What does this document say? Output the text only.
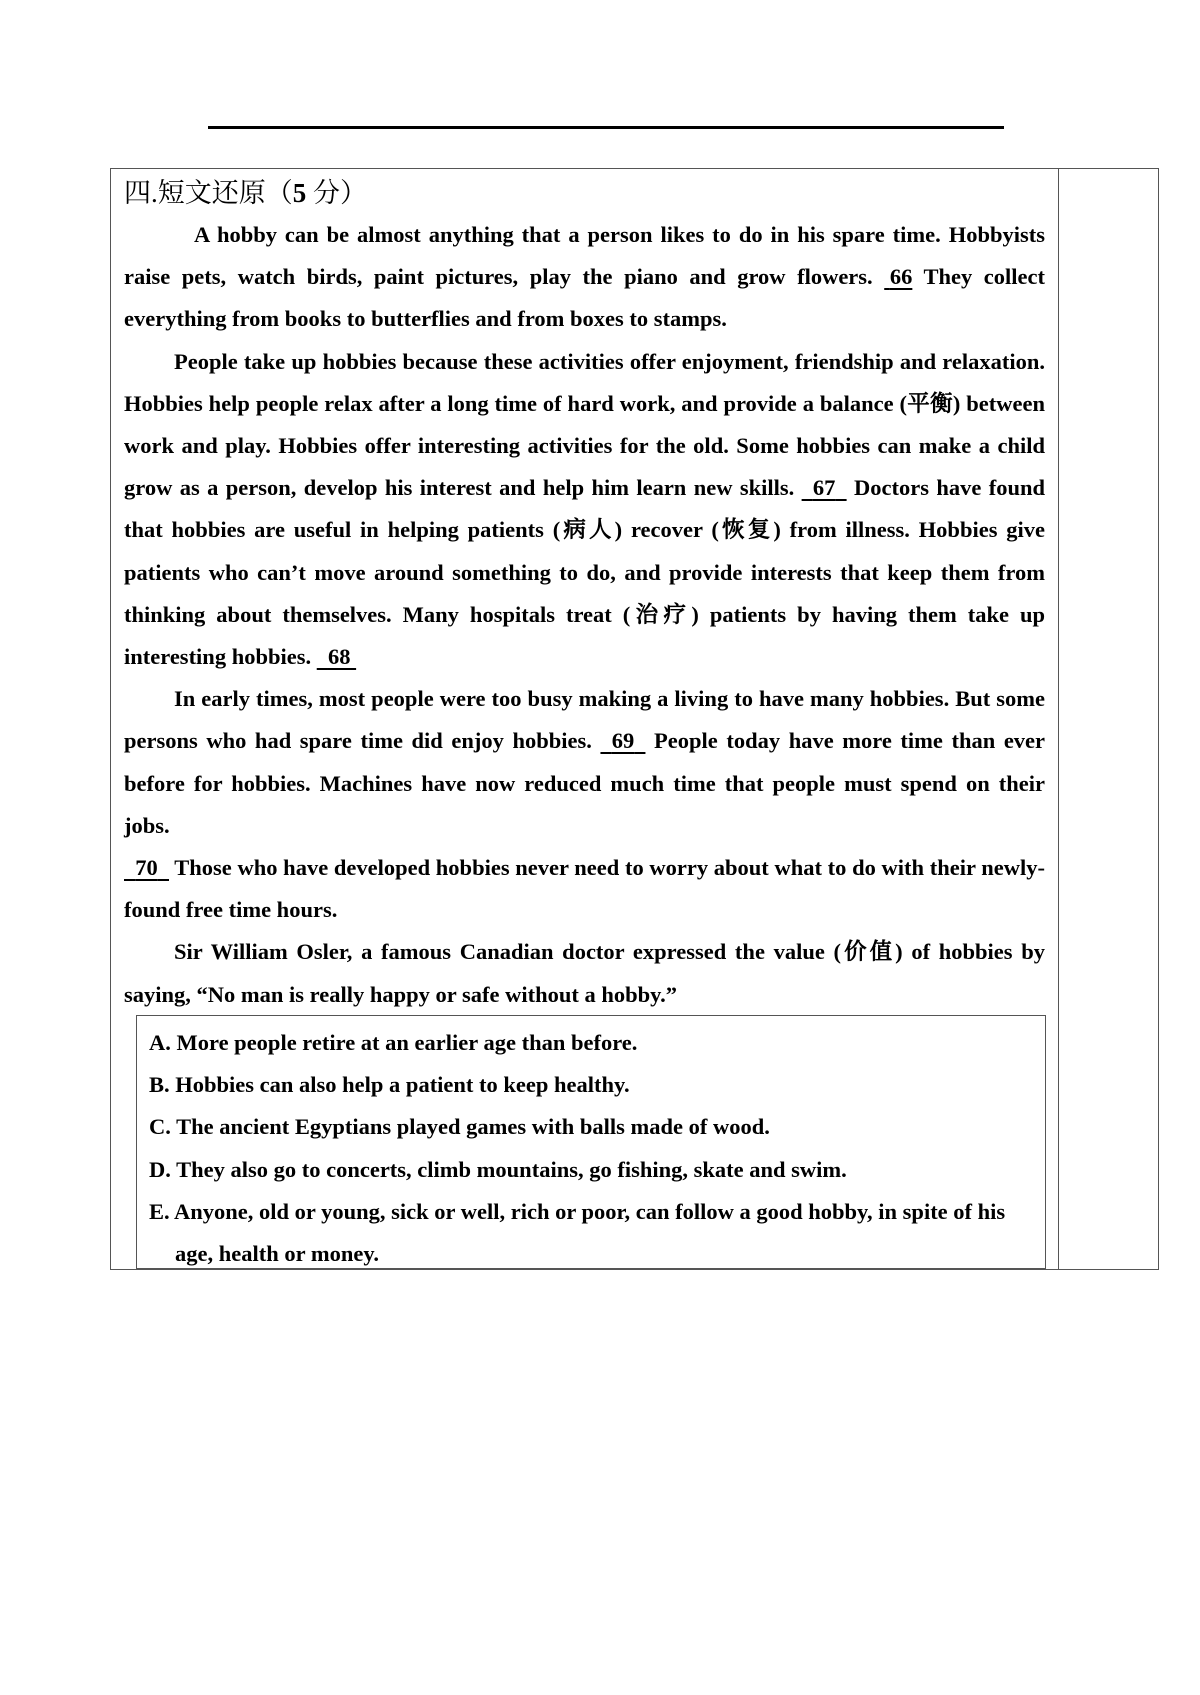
四.短文还原（5 分）

A hobby can be almost anything that a person likes to do in his spare time. Hobbyists raise pets, watch birds, paint pictures, play the piano and grow flowers. 66 They collect everything from books to butterflies and from boxes to stamps.

People take up hobbies because these activities offer enjoyment, friendship and relaxation. Hobbies help people relax after a long time of hard work, and provide a balance (平衡) between work and play. Hobbies offer interesting activities for the old. Some hobbies can make a child grow as a person, develop his interest and help him learn new skills. 67 Doctors have found that hobbies are useful in helping patients (病人) recover (恢复) from illness. Hobbies give patients who can’t move around something to do, and provide interests that keep them from thinking about themselves. Many hospitals treat (治疗) patients by having them take up interesting hobbies. 68

In early times, most people were too busy making a living to have many hobbies. But some persons who had spare time did enjoy hobbies. 69 People today have more time than ever before for hobbies. Machines have now reduced much time that people must spend on their jobs.

70 Those who have developed hobbies never need to worry about what to do with their newly-found free time hours.

Sir William Osler, a famous Canadian doctor expressed the value (价值) of hobbies by saying, “No man is really happy or safe without a hobby.”

A. More people retire at an earlier age than before.

B. Hobbies can also help a patient to keep healthy.

C. The ancient Egyptians played games with balls made of wood.

D. They also go to concerts, climb mountains, go fishing, skate and swim.

E. Anyone, old or young, sick or well, rich or poor, can follow a good hobby, in spite of his age, health or money.
